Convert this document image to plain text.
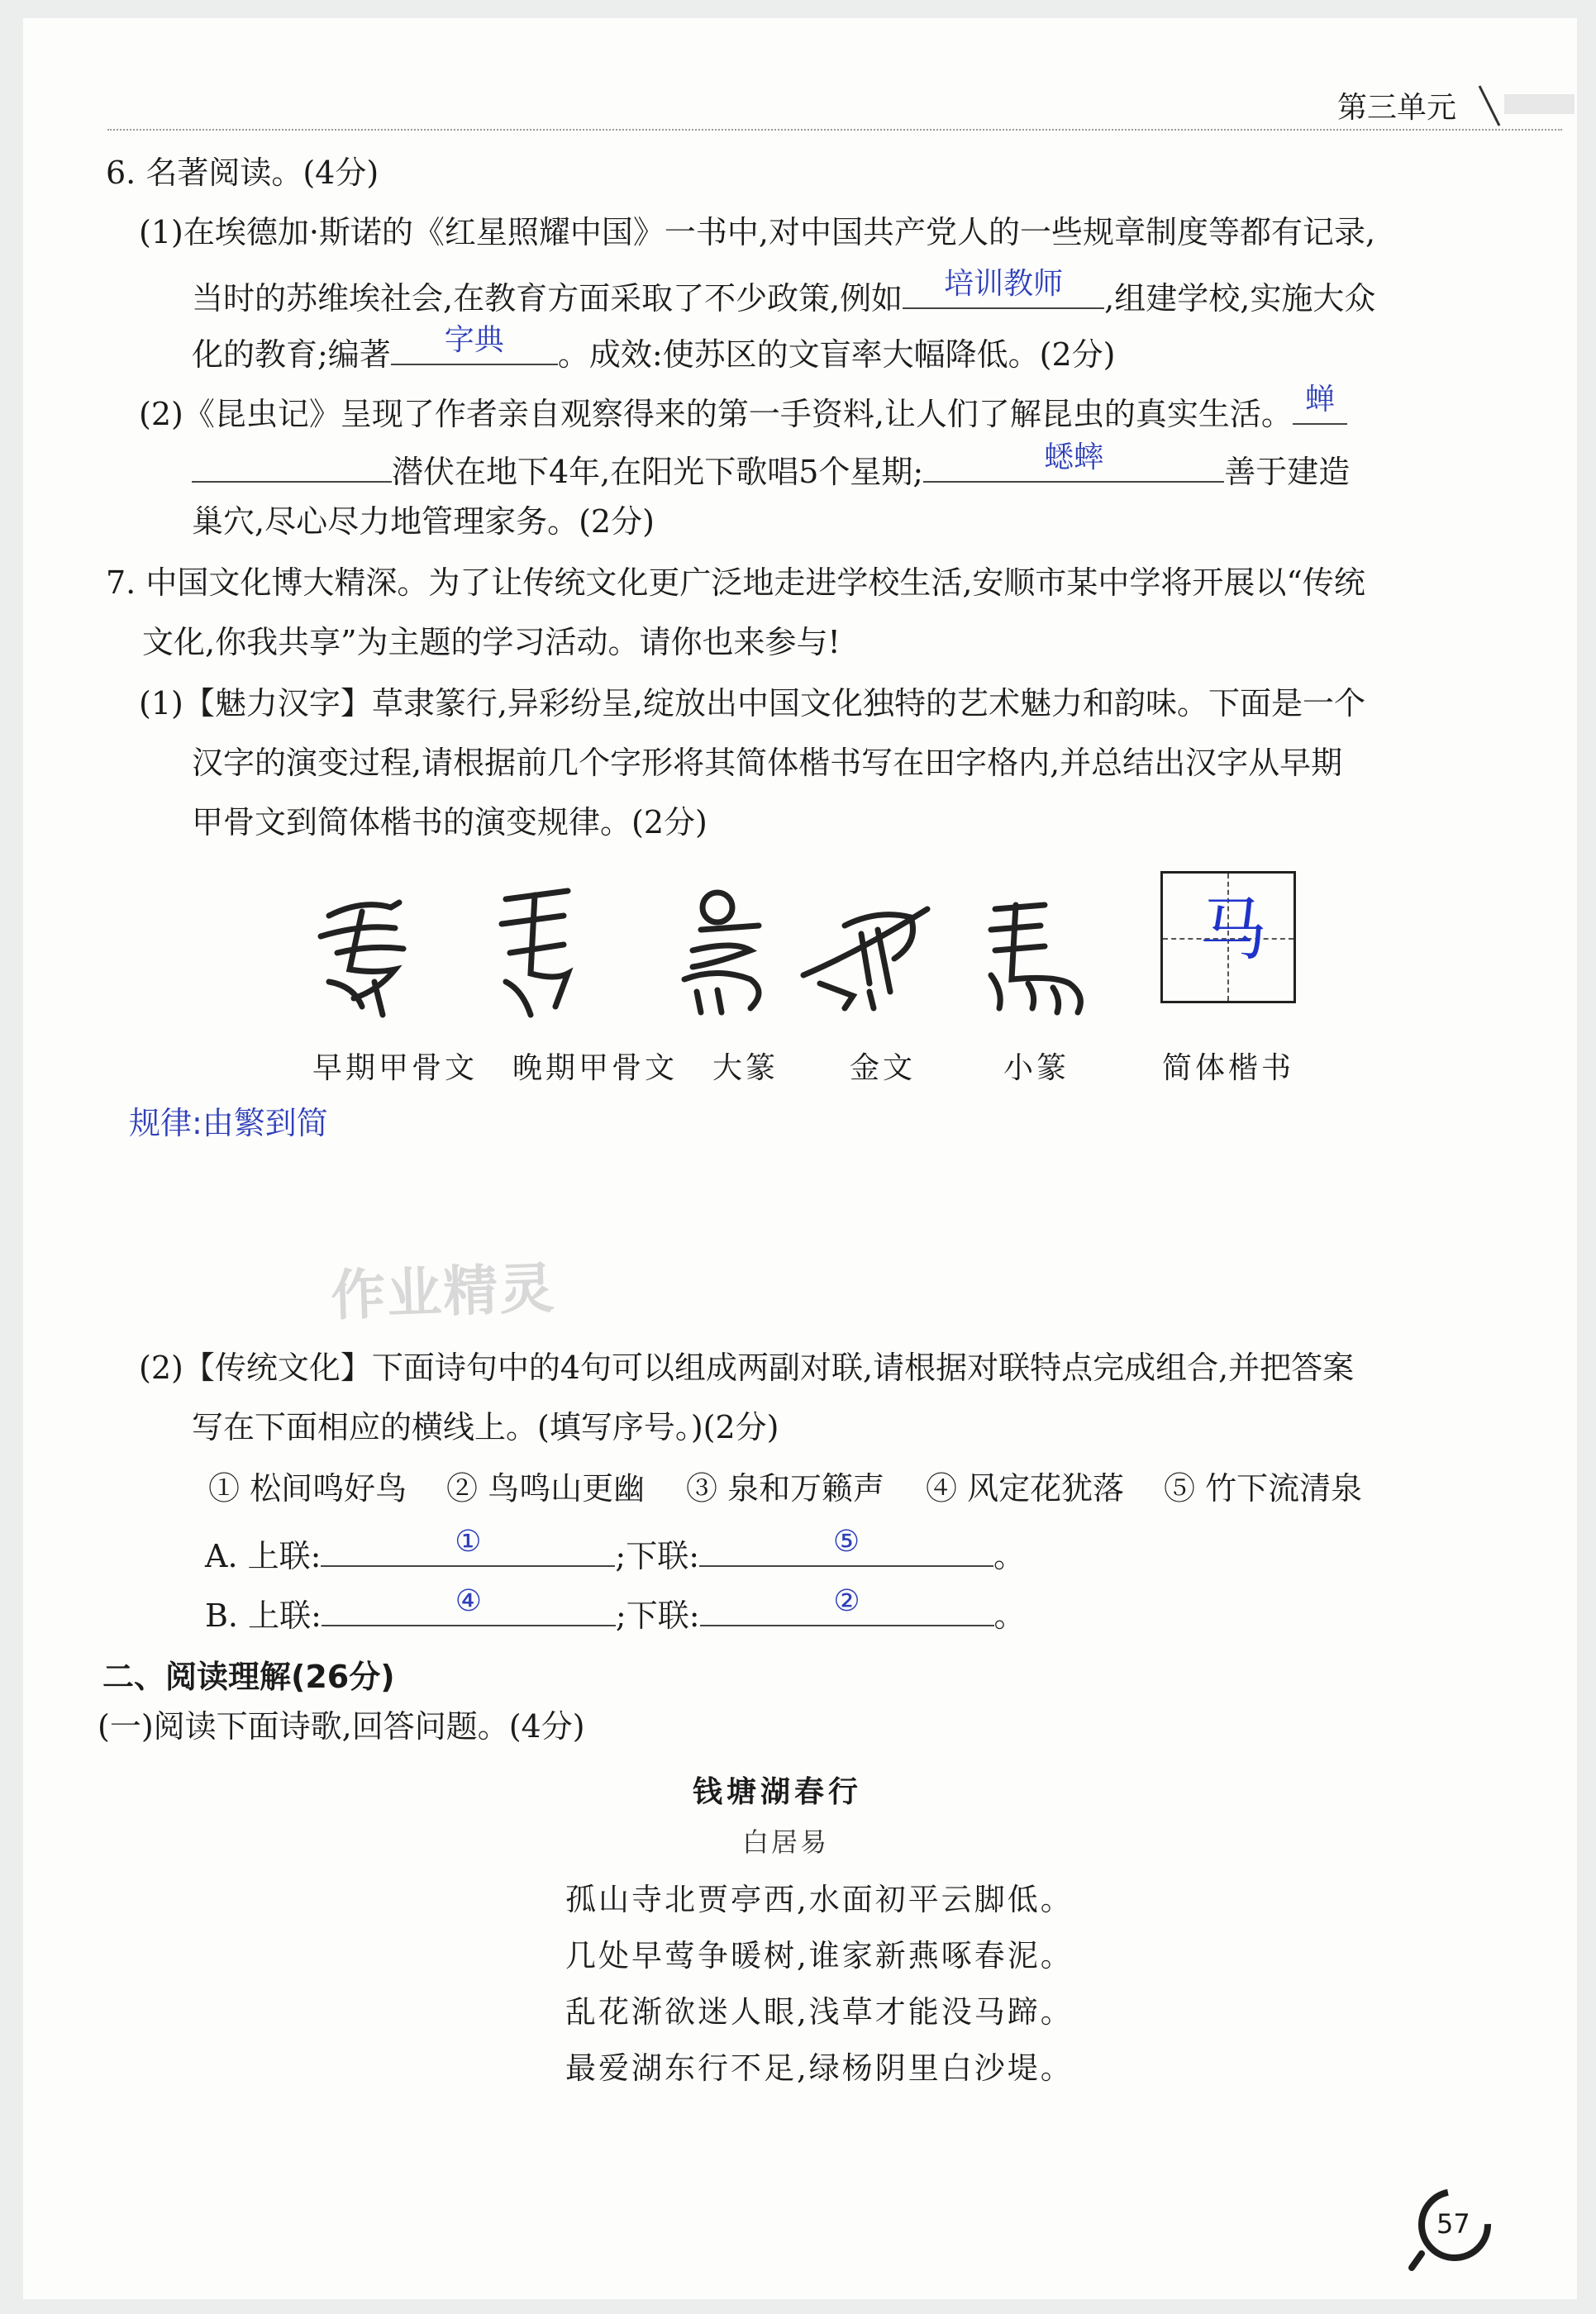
第三单元
6. 名著阅读。(4分)
(1)在埃德加·斯诺的《红星照耀中国》一书中,对中国共产党人的一些规章制度等都有记录,
当时的苏维埃社会,在教育方面采取了不少政策,例如	培训教师	,组建学校,实施大众
化的教育;编著	字典	。成效:使苏区的文盲率大幅降低。(2分)
(2)《昆虫记》呈现了作者亲自观察得来的第一手资料,让人们了解昆虫的真实生活。 蝉
潜伏在地下4年,在阳光下歌唱5个星期;	蟋蟀	善于建造
巢穴,尽心尽力地管理家务。(2分)
7. 中国文化博大精深。为了让传统文化更广泛地走进学校生活,安顺市某中学将开展以“传统
文化,你我共享”为主题的学习活动。请你也来参与!
(1)【魅力汉字】草隶篆行,异彩纷呈,绽放出中国文化独特的艺术魅力和韵味。下面是一个
汉字的演变过程,请根据前几个字形将其简体楷书写在田字格内,并总结出汉字从早期
甲骨文到简体楷书的演变规律。(2分)
马
早期甲骨文 晚期甲骨文 大篆 金文	小篆	简体楷书
规律:由繁到简
作业精灵
(2)【传统文化】下面诗句中的4句可以组成两副对联,请根据对联特点完成组合,并把答案
写在下面相应的横线上。(填写序号。)(2分)
① 松间鸣好鸟 ② 鸟鸣山更幽 ③ 泉和万籁声 ④ 风定花犹落 ⑤ 竹下流清泉
A. 上联:	①	;下联:	⑤	。
B. 上联:	④	;下联:	②	。
二、阅读理解(26分)
(一)阅读下面诗歌,回答问题。(4分)
钱塘湖春行
白居易
孤山寺北贾亭西,水面初平云脚低。
几处早莺争暖树,谁家新燕啄春泥。
乱花渐欲迷人眼,浅草才能没马蹄。
最爱湖东行不足,绿杨阴里白沙堤。
57
